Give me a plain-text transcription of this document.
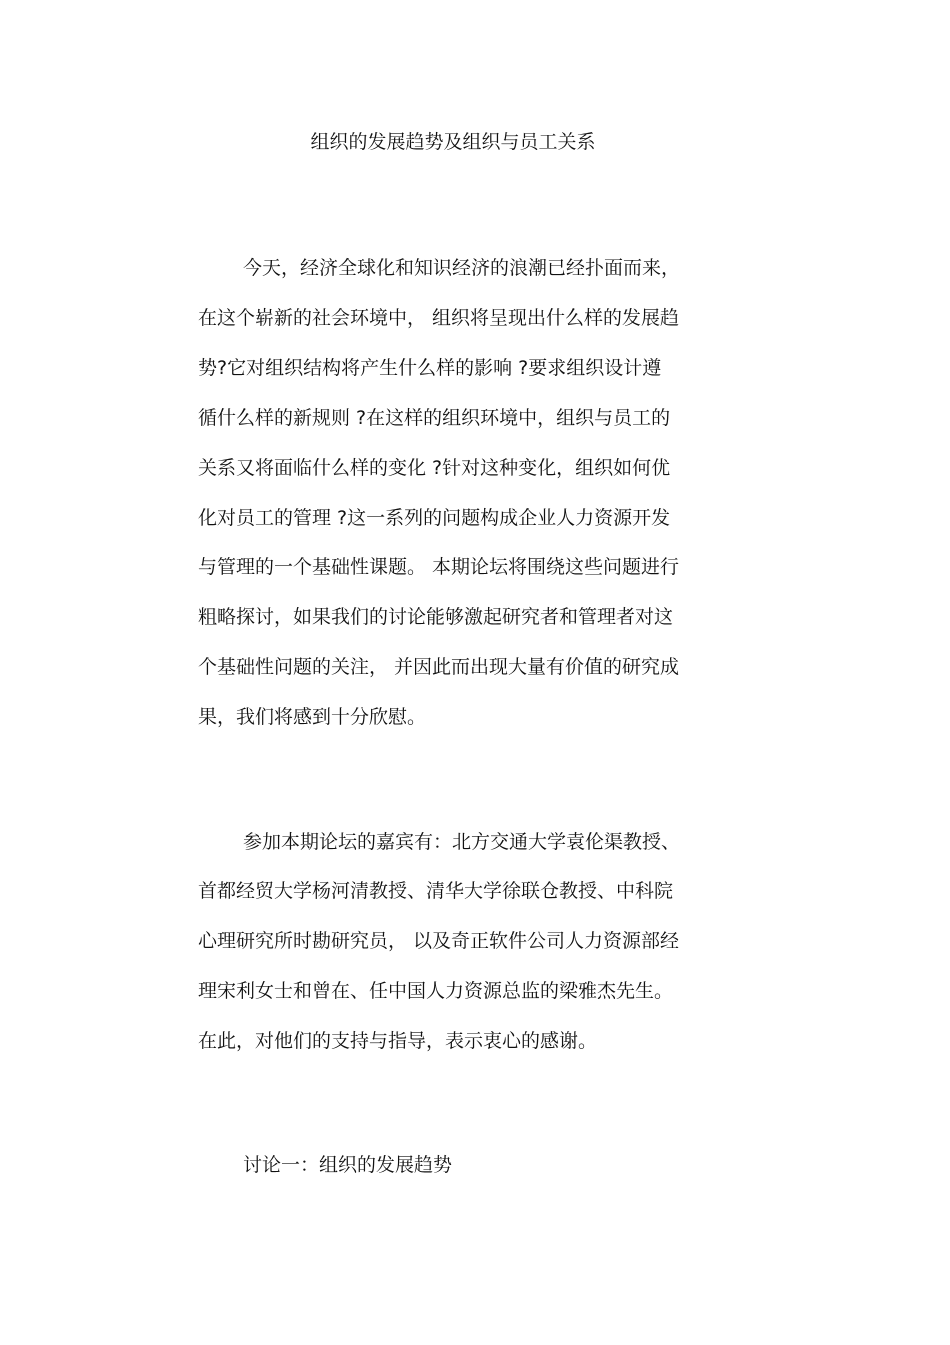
组织的发展趋势及组织与员工关系
今天，经济全球化和知识经济的浪潮已经扑面而来，
在这个崭新的社会环境中， 组织将呈现出什么样的发展趋
势?它对组织结构将产生什么样的影响 ?要求组织设计遵
循什么样的新规则 ?在这样的组织环境中，组织与员工的
关系又将面临什么样的变化 ?针对这种变化，组织如何优
化对员工的管理 ?这一系列的问题构成企业人力资源开发
与管理的一个基础性课题。 本期论坛将围绕这些问题进行
粗略探讨，如果我们的讨论能够激起研究者和管理者对这
个基础性问题的关注， 并因此而出现大量有价值的研究成
果，我们将感到十分欣慰。
参加本期论坛的嘉宾有：北方交通大学袁伦渠教授、
首都经贸大学杨河清教授、清华大学徐联仓教授、中科院
心理研究所时勘研究员， 以及奇正软件公司人力资源部经
理宋利女士和曾在、任中国人力资源总监的梁雅杰先生。
在此，对他们的支持与指导，表示衷心的感谢。
讨论一：组织的发展趋势
